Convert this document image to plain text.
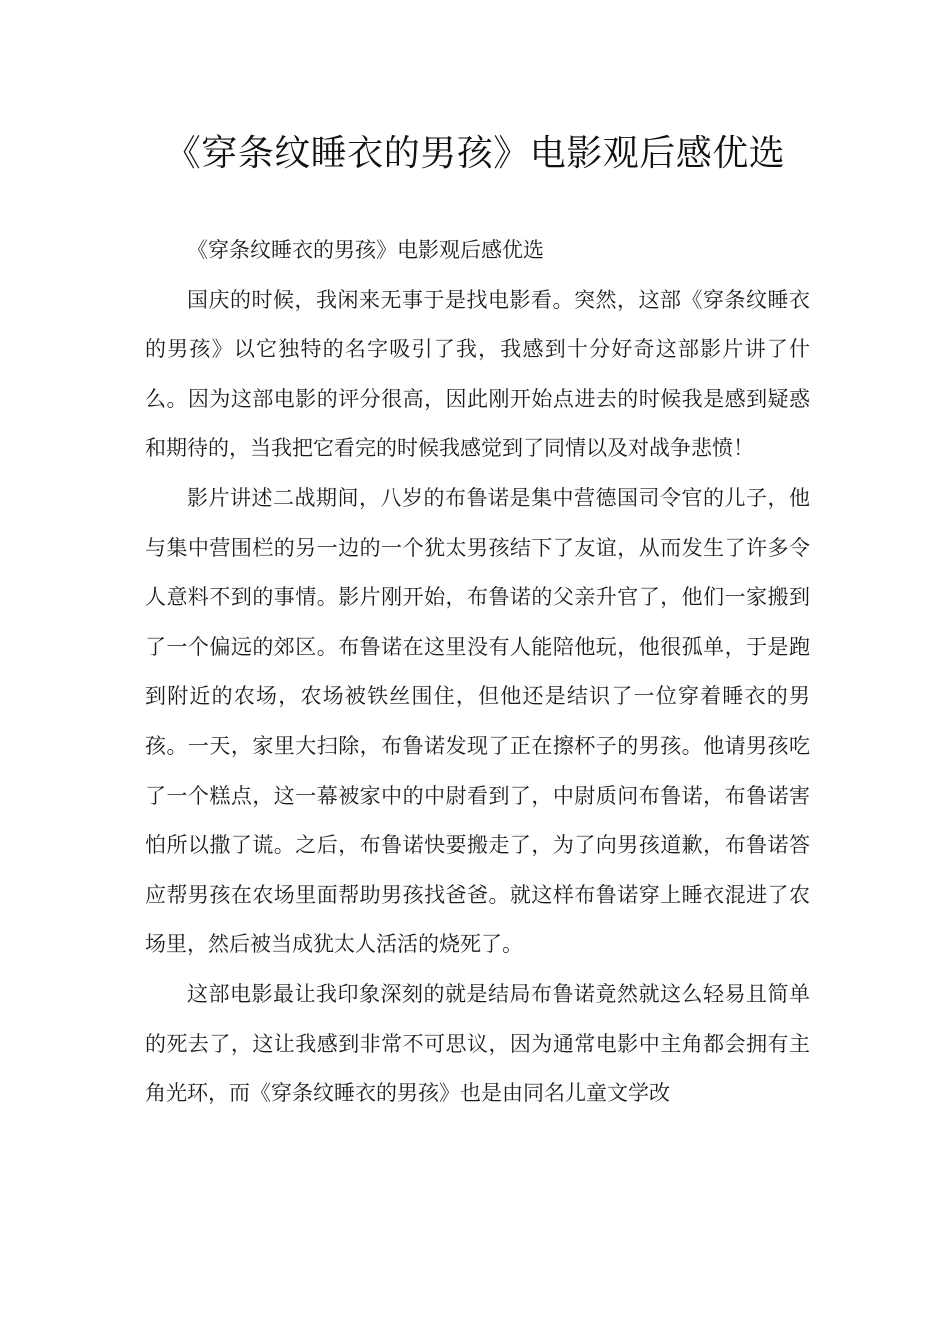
《穿条纹睡衣的男孩》电影观后感优选

《穿条纹睡衣的男孩》电影观后感优选

国庆的时候，我闲来无事于是找电影看。突然，这部《穿条纹睡衣的男孩》以它独特的名字吸引了我，我感到十分好奇这部影片讲了什么。因为这部电影的评分很高，因此刚开始点进去的时候我是感到疑惑和期待的，当我把它看完的时候我感觉到了同情以及对战争悲愤！

影片讲述二战期间，八岁的布鲁诺是集中营德国司令官的儿子，他与集中营围栏的另一边的一个犹太男孩结下了友谊，从而发生了许多令人意料不到的事情。影片刚开始，布鲁诺的父亲升官了，他们一家搬到了一个偏远的郊区。布鲁诺在这里没有人能陪他玩，他很孤单，于是跑到附近的农场，农场被铁丝围住，但他还是结识了一位穿着睡衣的男孩。一天，家里大扫除，布鲁诺发现了正在擦杯子的男孩。他请男孩吃了一个糕点，这一幕被家中的中尉看到了，中尉质问布鲁诺，布鲁诺害怕所以撒了谎。之后，布鲁诺快要搬走了，为了向男孩道歉，布鲁诺答应帮男孩在农场里面帮助男孩找爸爸。就这样布鲁诺穿上睡衣混进了农场里，然后被当成犹太人活活的烧死了。

这部电影最让我印象深刻的就是结局布鲁诺竟然就这么轻易且简单的死去了，这让我感到非常不可思议，因为通常电影中主角都会拥有主角光环，而《穿条纹睡衣的男孩》也是由同名儿童文学改
